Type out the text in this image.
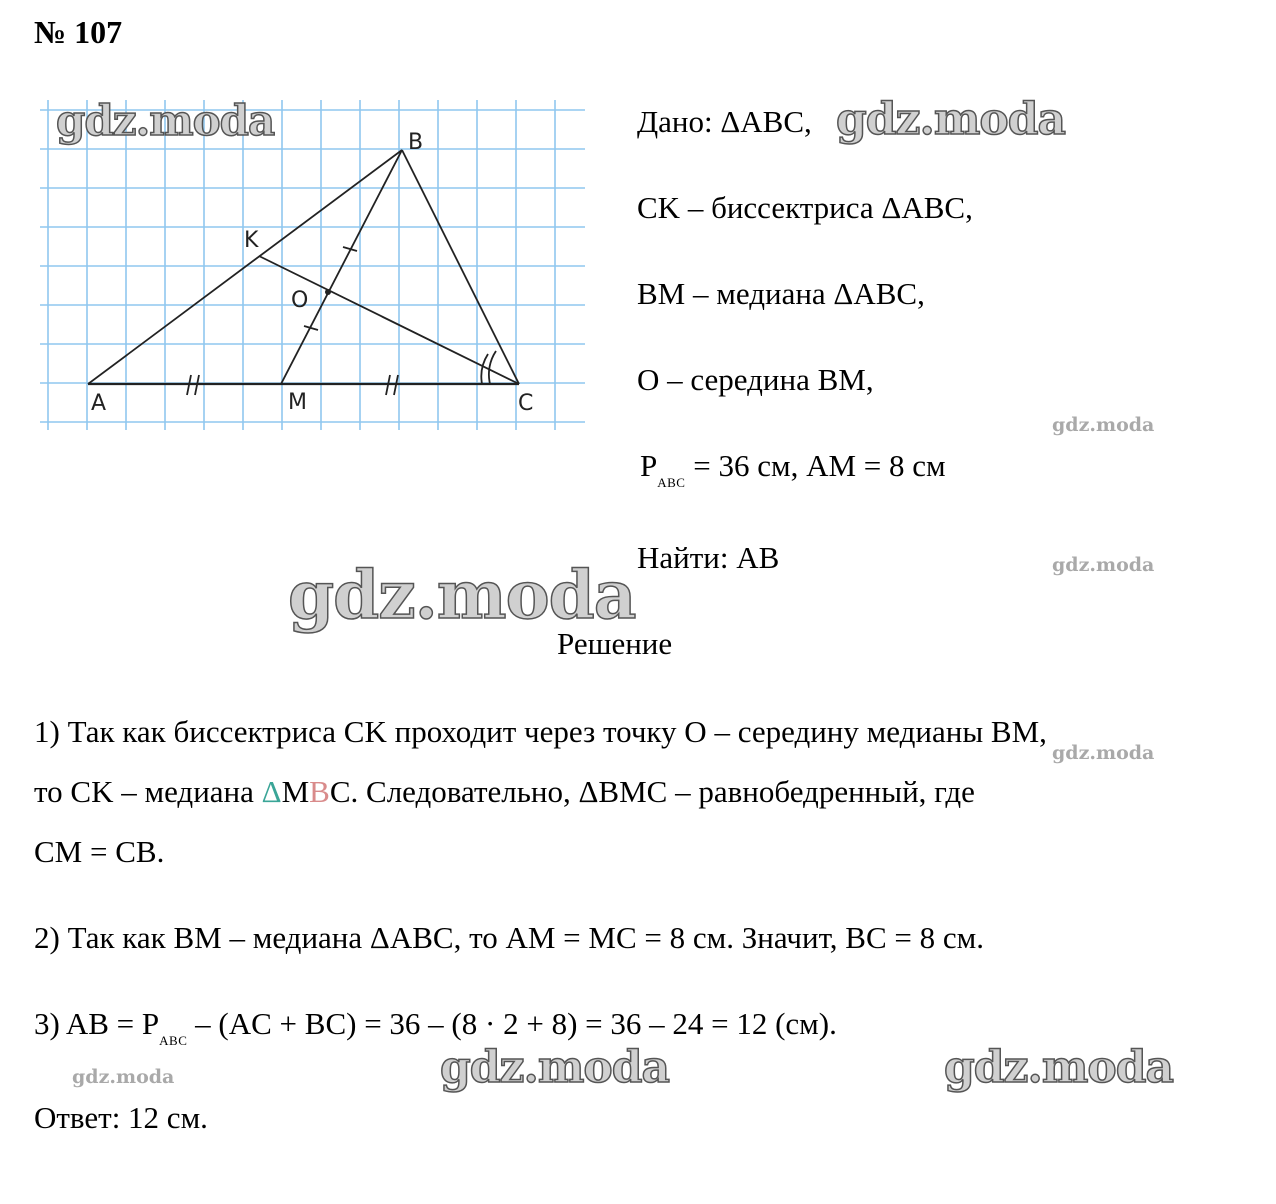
№ 107
A
B
C
K
M
O
Дано: ΔABC,
CK – биссектриса ΔABC,
BM – медиана ΔABC,
O – середина BM,
$P_{ABC} = 36$ см, AM = 8 см
Найти: AB
Решение
1) Так как биссектриса CK проходит через точку O – середину медианы BM,
то CK – медиана ΔMBC. Следовательно, ΔBMC – равнобедренный, где
CM = CB.
2) Так как BM – медиана ΔABC, то AM = MC = 8 см. Значит, BC = 8 см.
3) AB = $P_{ABC} - (AC + BC) = 36 - (8 \cdot 2 + 8) = 36 - 24 = 12$ (см).
Ответ: 12 см.
gdz.moda	gdz.moda
gdz.moda
gdz.moda	gdz.moda
gdz.moda
gdz.moda
gdz.moda
gdz.moda
